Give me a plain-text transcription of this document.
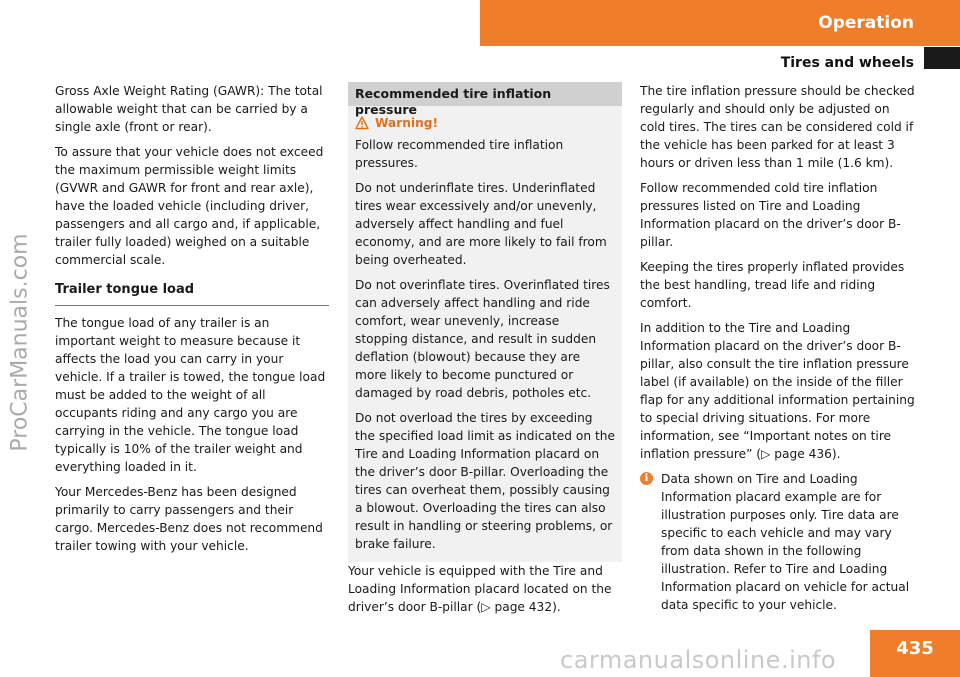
Operation
Tires and wheels
ProCarManuals.com

Gross Axle Weight Rating (GAWR): The total allowable weight that can be carried by a single axle (front or rear).

To assure that your vehicle does not exceed the maximum permissible weight limits (GVWR and GAWR for front and rear axle), have the loaded vehicle (including driver, passengers and all cargo and, if applicable, trailer fully loaded) weighed on a suitable commercial scale.

Trailer tongue load

The tongue load of any trailer is an important weight to measure because it affects the load you can carry in your vehicle. If a trailer is towed, the tongue load must be added to the weight of all occupants riding and any cargo you are carrying in the vehicle. The tongue load typically is 10% of the trailer weight and everything loaded in it.

Your Mercedes-Benz has been designed primarily to carry passengers and their cargo. Mercedes-Benz does not recommend trailer towing with your vehicle.

Recommended tire inflation pressure
Warning!

Follow recommended tire inflation pressures.

Do not underinflate tires. Underinflated tires wear excessively and/or unevenly, adversely affect handling and fuel economy, and are more likely to fail from being overheated.

Do not overinflate tires. Overinflated tires can adversely affect handling and ride comfort, wear unevenly, increase stopping distance, and result in sudden deflation (blowout) because they are more likely to become punctured or damaged by road debris, potholes etc.

Do not overload the tires by exceeding the specified load limit as indicated on the Tire and Loading Information placard on the driver’s door B-pillar. Overloading the tires can overheat them, possibly causing a blowout. Overloading the tires can also result in handling or steering problems, or brake failure.

Your vehicle is equipped with the Tire and Loading Information placard located on the driver’s door B-pillar (▷ page 432).

The tire inflation pressure should be checked regularly and should only be adjusted on cold tires. The tires can be considered cold if the vehicle has been parked for at least 3 hours or driven less than 1 mile (1.6 km).

Follow recommended cold tire inflation pressures listed on Tire and Loading Information placard on the driver’s door B-pillar.

Keeping the tires properly inflated provides the best handling, tread life and riding comfort.

In addition to the Tire and Loading Information placard on the driver’s door B-pillar, also consult the tire inflation pressure label (if available) on the inside of the filler flap for any additional information pertaining to special driving situations. For more information, see “Important notes on tire inflation pressure” (▷ page 436).

i	Data shown on Tire and Loading Information placard example are for illustration purposes only. Tire data are specific to each vehicle and may vary from data shown in the following illustration. Refer to Tire and Loading Information placard on vehicle for actual data specific to your vehicle.
435
carmanualsonline.info
